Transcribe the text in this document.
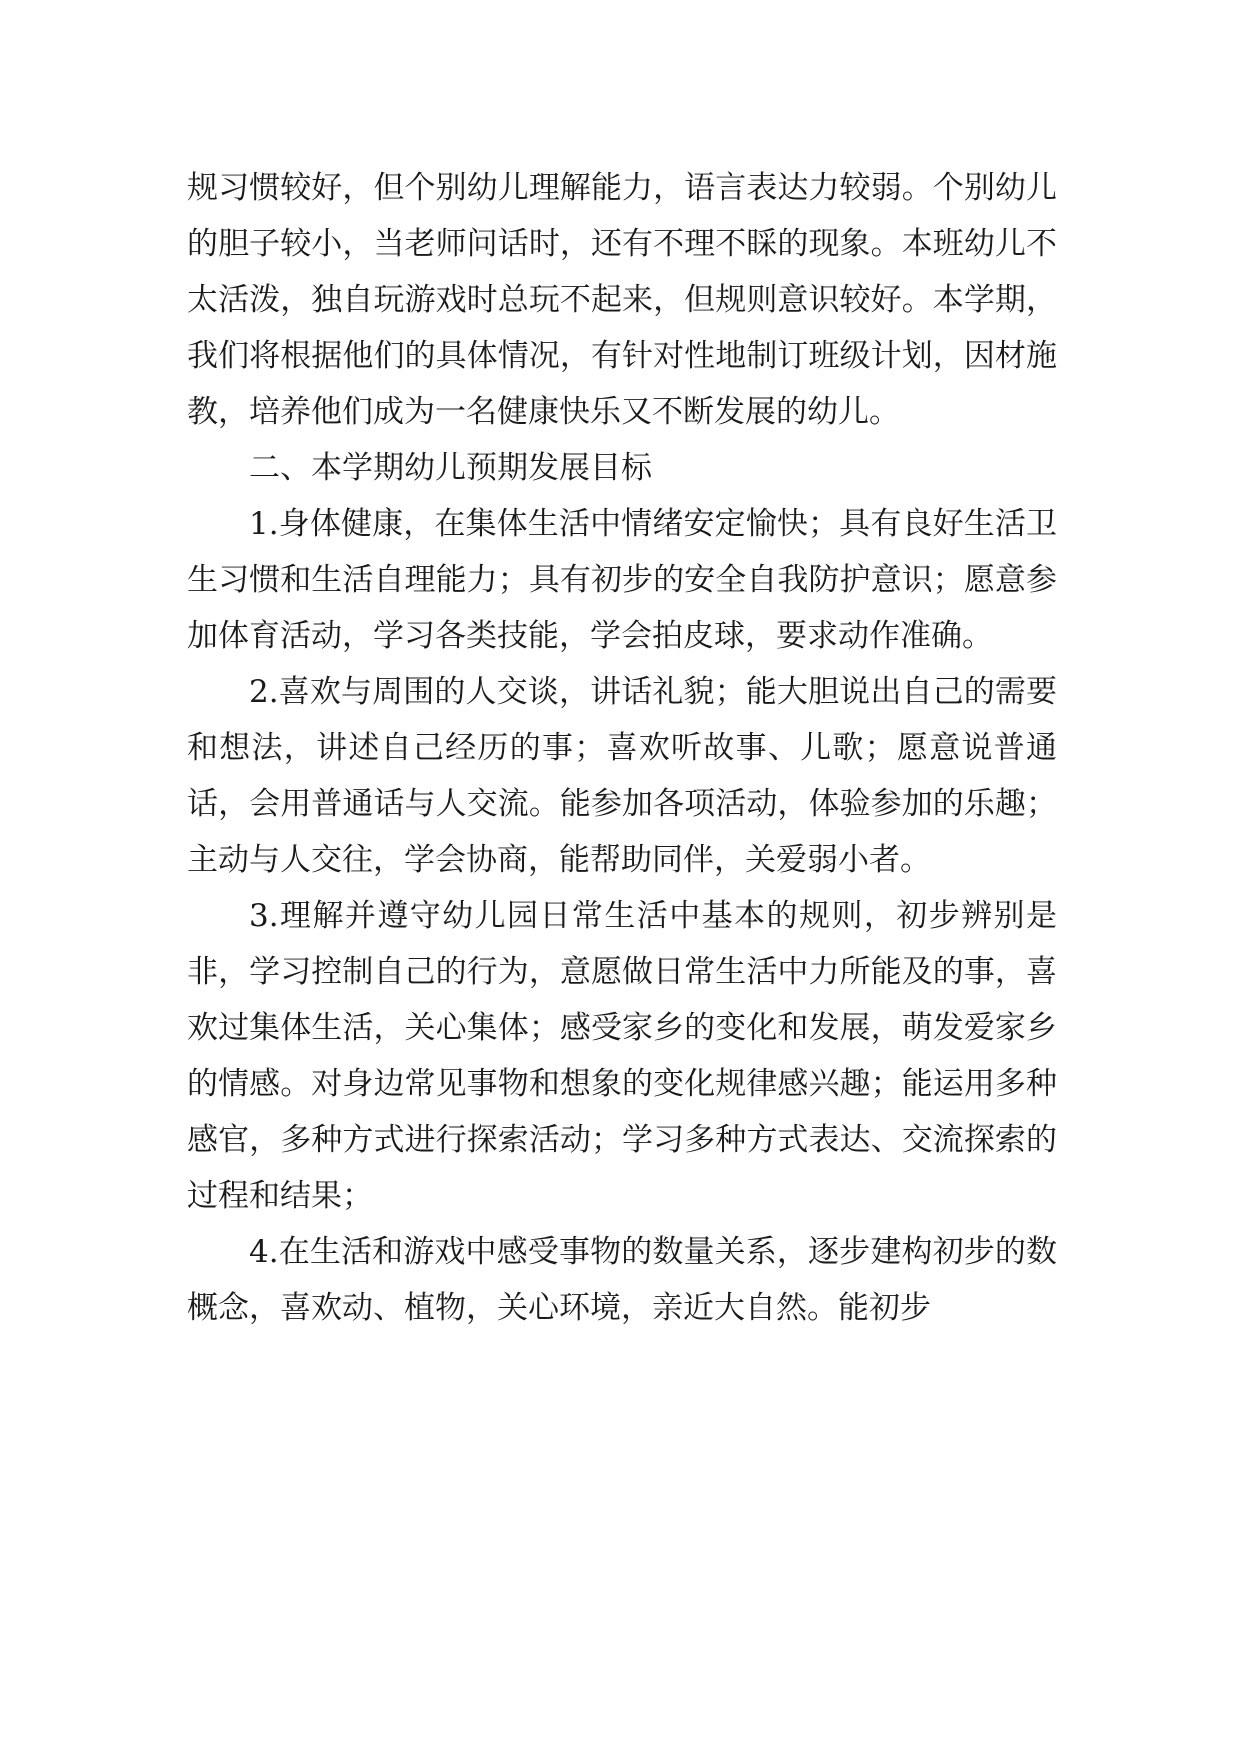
规习惯较好，但个别幼儿理解能力，语言表达力较弱。个别幼儿的胆子较小，当老师问话时，还有不理不睬的现象。本班幼儿不太活泼，独自玩游戏时总玩不起来，但规则意识较好。本学期，我们将根据他们的具体情况，有针对性地制订班级计划，因材施教，培养他们成为一名健康快乐又不断发展的幼儿。

二、本学期幼儿预期发展目标

1.身体健康，在集体生活中情绪安定愉快；具有良好生活卫生习惯和生活自理能力；具有初步的安全自我防护意识；愿意参加体育活动，学习各类技能，学会拍皮球，要求动作准确。

2.喜欢与周围的人交谈，讲话礼貌；能大胆说出自己的需要和想法，讲述自己经历的事；喜欢听故事、儿歌；愿意说普通话，会用普通话与人交流。能参加各项活动，体验参加的乐趣；主动与人交往，学会协商，能帮助同伴，关爱弱小者。

3.理解并遵守幼儿园日常生活中基本的规则，初步辨别是非，学习控制自己的行为，意愿做日常生活中力所能及的事，喜欢过集体生活，关心集体；感受家乡的变化和发展，萌发爱家乡的情感。对身边常见事物和想象的变化规律感兴趣；能运用多种感官，多种方式进行探索活动；学习多种方式表达、交流探索的过程和结果；

4.在生活和游戏中感受事物的数量关系，逐步建构初步的数概念，喜欢动、植物，关心环境，亲近大自然。能初步
